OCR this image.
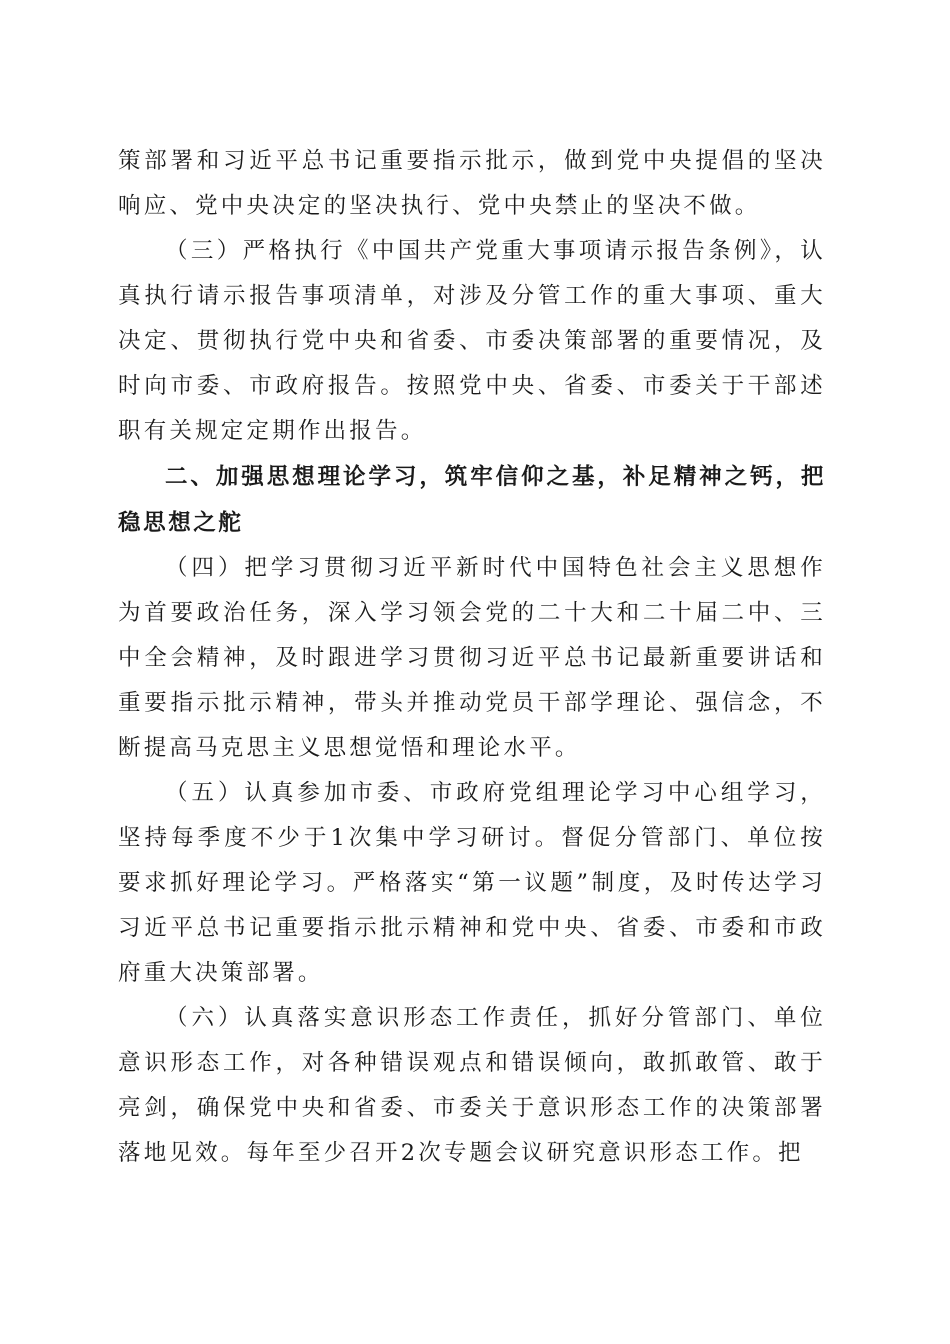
策部署和习近平总书记重要指示批示，做到党中央提倡的坚决响应、党中央决定的坚决执行、党中央禁止的坚决不做。

（三）严格执行《中国共产党重大事项请示报告条例》，认真执行请示报告事项清单，对涉及分管工作的重大事项、重大决定、贯彻执行党中央和省委、市委决策部署的重要情况，及时向市委、市政府报告。按照党中央、省委、市委关于干部述职有关规定定期作出报告。

二、加强思想理论学习，筑牢信仰之基，补足精神之钙，把稳思想之舵

（四）把学习贯彻习近平新时代中国特色社会主义思想作为首要政治任务，深入学习领会党的二十大和二十届二中、三中全会精神，及时跟进学习贯彻习近平总书记最新重要讲话和重要指示批示精神，带头并推动党员干部学理论、强信念，不断提高马克思主义思想觉悟和理论水平。

（五）认真参加市委、市政府党组理论学习中心组学习，坚持每季度不少于1次集中学习研讨。督促分管部门、单位按要求抓好理论学习。严格落实“第一议题”制度，及时传达学习习近平总书记重要指示批示精神和党中央、省委、市委和市政府重大决策部署。

（六）认真落实意识形态工作责任，抓好分管部门、单位意识形态工作，对各种错误观点和错误倾向，敢抓敢管、敢于亮剑，确保党中央和省委、市委关于意识形态工作的决策部署落地见效。每年至少召开2次专题会议研究意识形态工作。把
